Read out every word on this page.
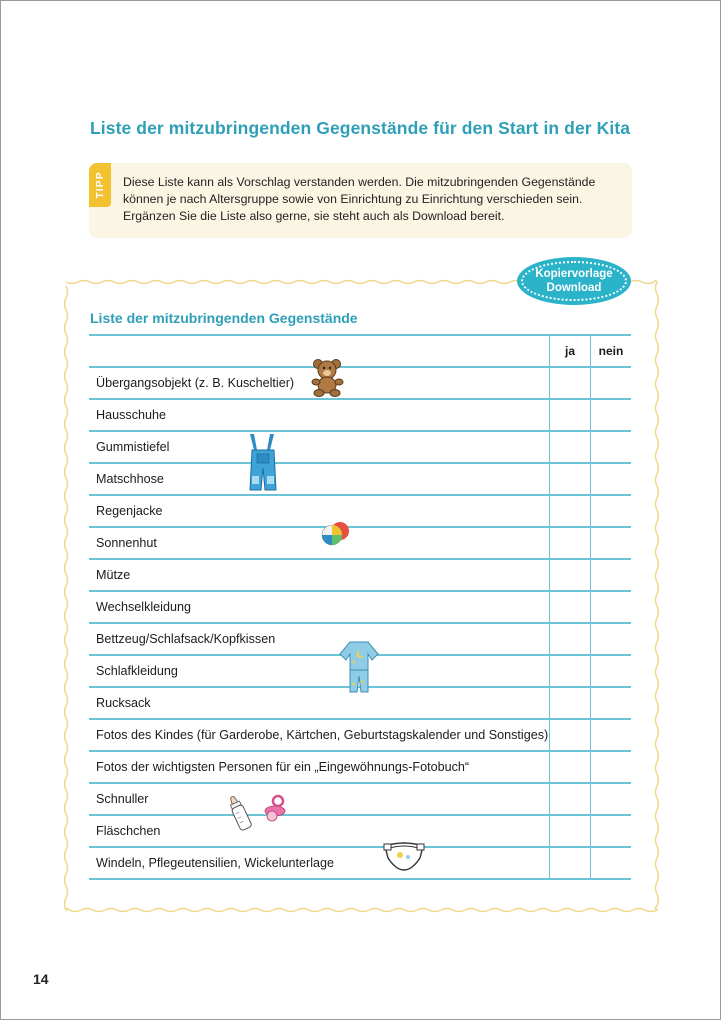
Liste der mitzubringenden Gegenstände für den Start in der Kita
TIPP Diese Liste kann als Vorschlag verstanden werden. Die mitzubringenden Gegenstände
können je nach Altersgruppe sowie von Einrichtung zu Einrichtung verschieden sein.
Ergänzen Sie die Liste also gerne, sie steht auch als Download bereit.
Kopiervorlage
Download
Liste der mitzubringenden Gegenstände
	ja	nein
Übergangsobjekt (z. B. Kuscheltier)		
Hausschuhe		
Gummistiefel		
Matschhose		
Regenjacke		
Sonnenhut		
Mütze		
Wechselkleidung		
Bettzeug/Schlafsack/Kopfkissen		
Schlafkleidung		
Rucksack		
Fotos des Kindes (für Garderobe, Kärtchen, Geburtstagskalender und Sonstiges)		
Fotos der wichtigsten Personen für ein „Eingewöhnungs-Fotobuch“		
Schnuller		
Fläschchen		
Windeln, Pflegeutensilien, Wickelunterlage		
14
